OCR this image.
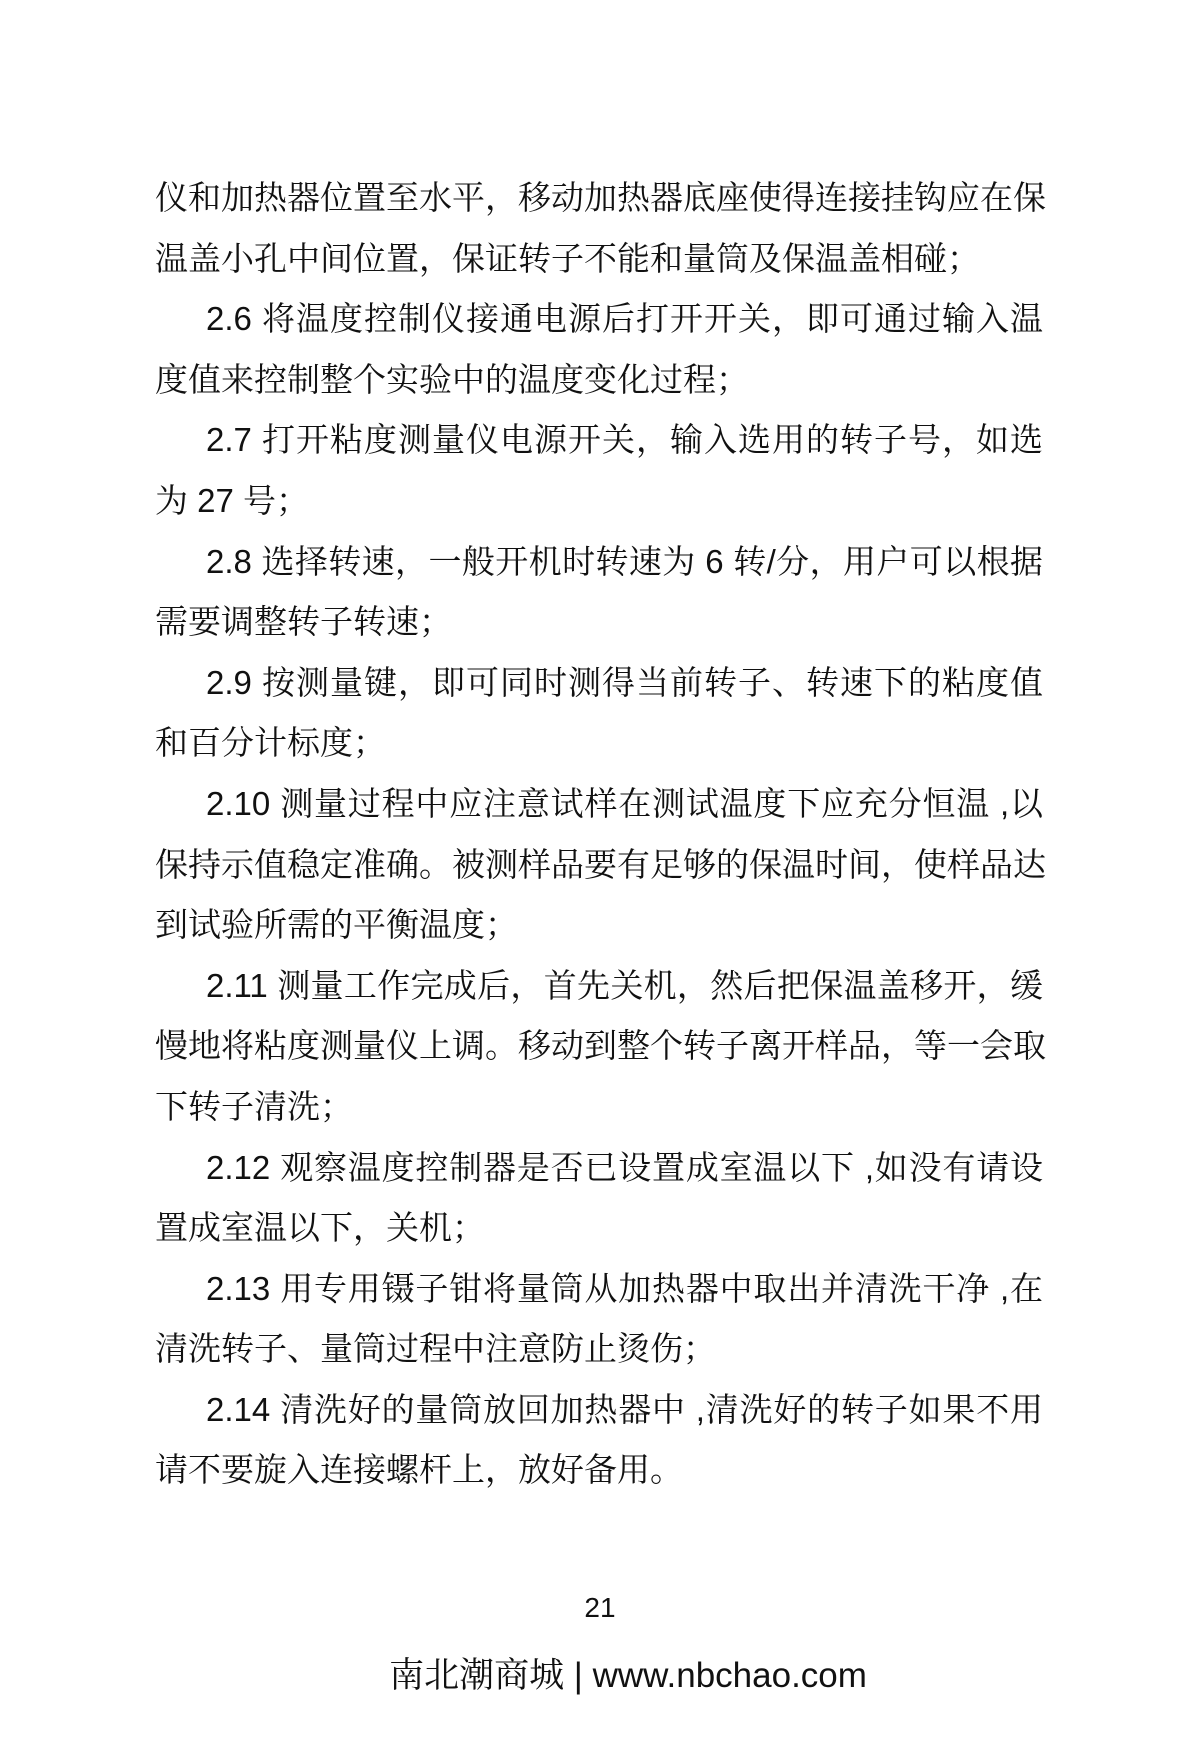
仪和加热器位置至水平，移动加热器底座使得连接挂钩应在保
温盖小孔中间位置，保证转子不能和量筒及保温盖相碰；
2.6 将温度控制仪接通电源后打开开关，即可通过输入温
度值来控制整个实验中的温度变化过程；
2.7 打开粘度测量仪电源开关，输入选用的转子号，如选
为 27 号；
2.8 选择转速，一般开机时转速为 6 转/分，用户可以根据
需要调整转子转速；
2.9 按测量键，即可同时测得当前转子、转速下的粘度值
和百分计标度；
2.10 测量过程中应注意试样在测试温度下应充分恒温 ,以
保持示值稳定准确。被测样品要有足够的保温时间，使样品达
到试验所需的平衡温度；
2.11 测量工作完成后，首先关机，然后把保温盖移开，缓
慢地将粘度测量仪上调。移动到整个转子离开样品，等一会取
下转子清洗；
2.12 观察温度控制器是否已设置成室温以下 ,如没有请设
置成室温以下，关机；
2.13 用专用镊子钳将量筒从加热器中取出并清洗干净 ,在
清洗转子、量筒过程中注意防止烫伤；
2.14 清洗好的量筒放回加热器中 ,清洗好的转子如果不用
请不要旋入连接螺杆上，放好备用。
21
南北潮商城 | www.nbchao.com
